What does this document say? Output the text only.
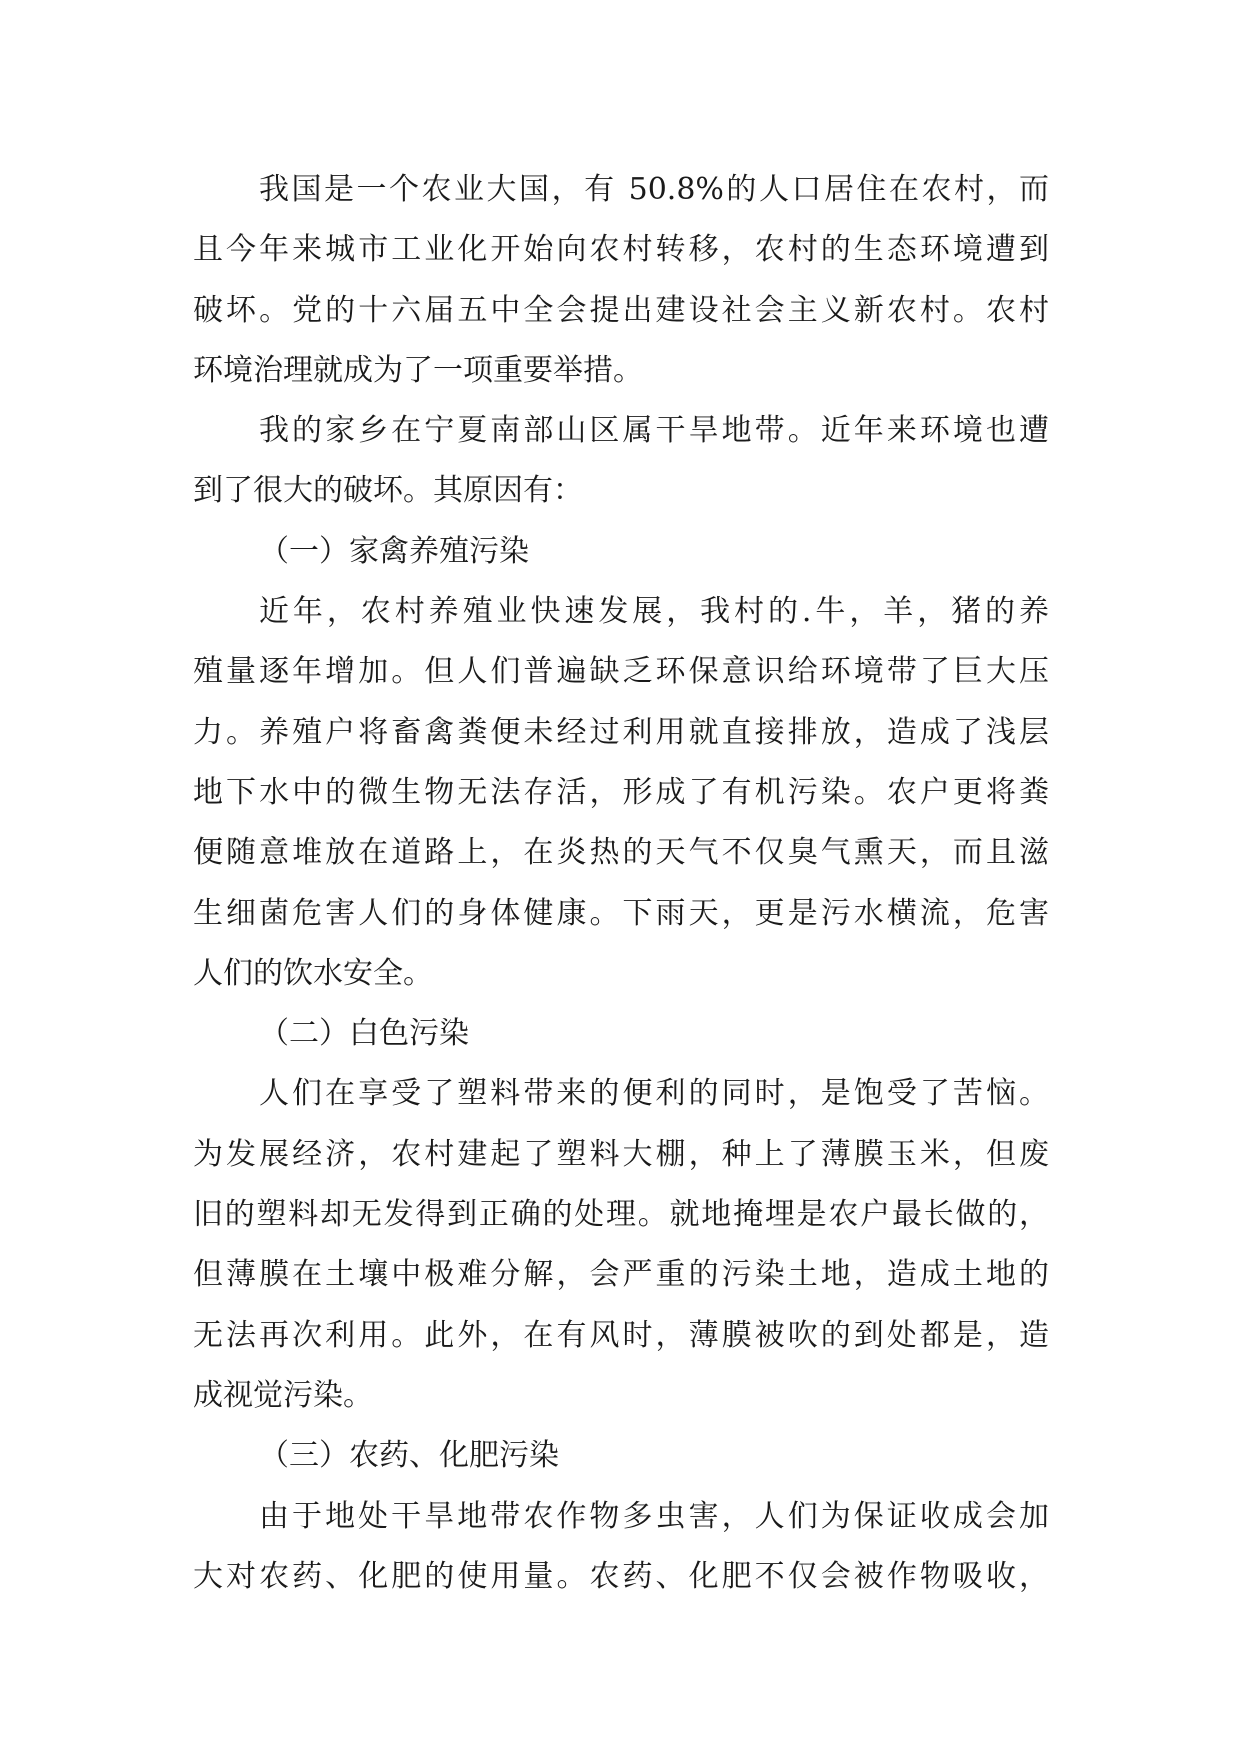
我国是一个农业大国，有 50.8%的人口居住在农村，而
且今年来城市工业化开始向农村转移，农村的生态环境遭到
破坏。党的十六届五中全会提出建设社会主义新农村。农村
环境治理就成为了一项重要举措。
我的家乡在宁夏南部山区属干旱地带。近年来环境也遭
到了很大的破坏。其原因有：
（一）家禽养殖污染
近年，农村养殖业快速发展，我村的.牛，羊，猪的养
殖量逐年增加。但人们普遍缺乏环保意识给环境带了巨大压
力。养殖户将畜禽粪便未经过利用就直接排放，造成了浅层
地下水中的微生物无法存活，形成了有机污染。农户更将粪
便随意堆放在道路上，在炎热的天气不仅臭气熏天，而且滋
生细菌危害人们的身体健康。下雨天，更是污水横流，危害
人们的饮水安全。
（二）白色污染
人们在享受了塑料带来的便利的同时，是饱受了苦恼。
为发展经济，农村建起了塑料大棚，种上了薄膜玉米，但废
旧的塑料却无发得到正确的处理。就地掩埋是农户最长做的，
但薄膜在土壤中极难分解，会严重的污染土地，造成土地的
无法再次利用。此外，在有风时，薄膜被吹的到处都是，造
成视觉污染。
（三）农药、化肥污染
由于地处干旱地带农作物多虫害，人们为保证收成会加
大对农药、化肥的使用量。农药、化肥不仅会被作物吸收，
